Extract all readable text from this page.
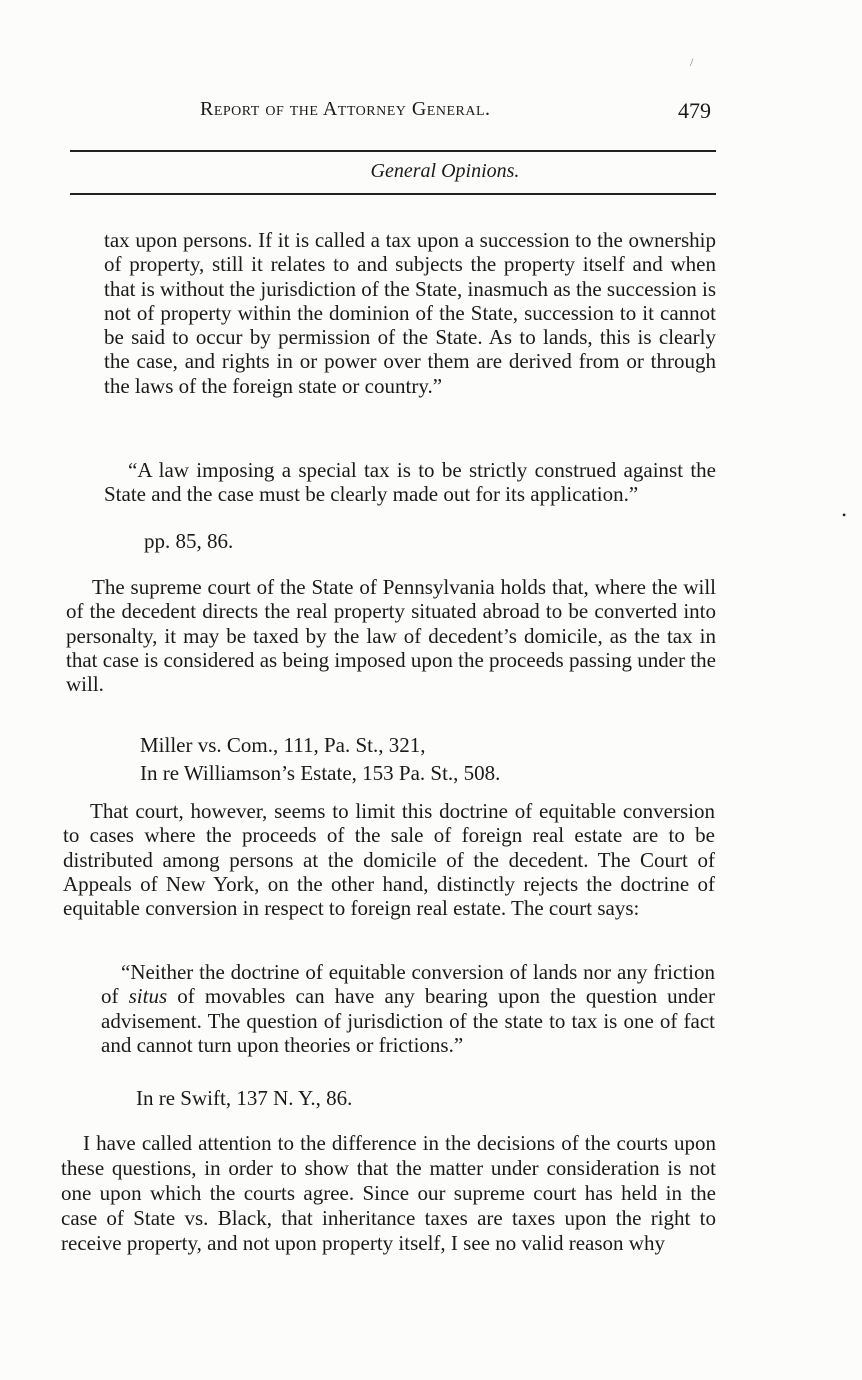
Report of the Attorney General.	479
General Opinions.

tax upon persons. If it is called a tax upon a succession to the ownership of property, still it relates to and subjects the property itself and when that is without the jurisdiction of the State, inasmuch as the succession is not of property within the dominion of the State, succession to it cannot be said to occur by permission of the State. As to lands, this is clearly the case, and rights in or power over them are derived from or through the laws of the foreign state or country.”

“A law imposing a special tax is to be strictly construed against the State and the case must be clearly made out for its application.”

pp. 85, 86.

The supreme court of the State of Pennsylvania holds that, where the will of the decedent directs the real property situated abroad to be converted into personalty, it may be taxed by the law of decedent’s domicile, as the tax in that case is considered as being imposed upon the proceeds passing under the will.

Miller vs. Com., 111, Pa. St., 321,
In re Williamson’s Estate, 153 Pa. St., 508.

That court, however, seems to limit this doctrine of equitable conversion to cases where the proceeds of the sale of foreign real estate are to be distributed among persons at the domicile of the decedent. The Court of Appeals of New York, on the other hand, distinctly rejects the doctrine of equitable conversion in respect to foreign real estate. The court says:

“Neither the doctrine of equitable conversion of lands nor any friction of situs of movables can have any bearing upon the question under advisement. The question of jurisdiction of the state to tax is one of fact and cannot turn upon theories or frictions.”

In re Swift, 137 N. Y., 86.

I have called attention to the difference in the decisions of the courts upon these questions, in order to show that the matter under consideration is not one upon which the courts agree. Since our supreme court has held in the case of State vs. Black, that inheritance taxes are taxes upon the right to receive property, and not upon property itself, I see no valid reason why

/
•
